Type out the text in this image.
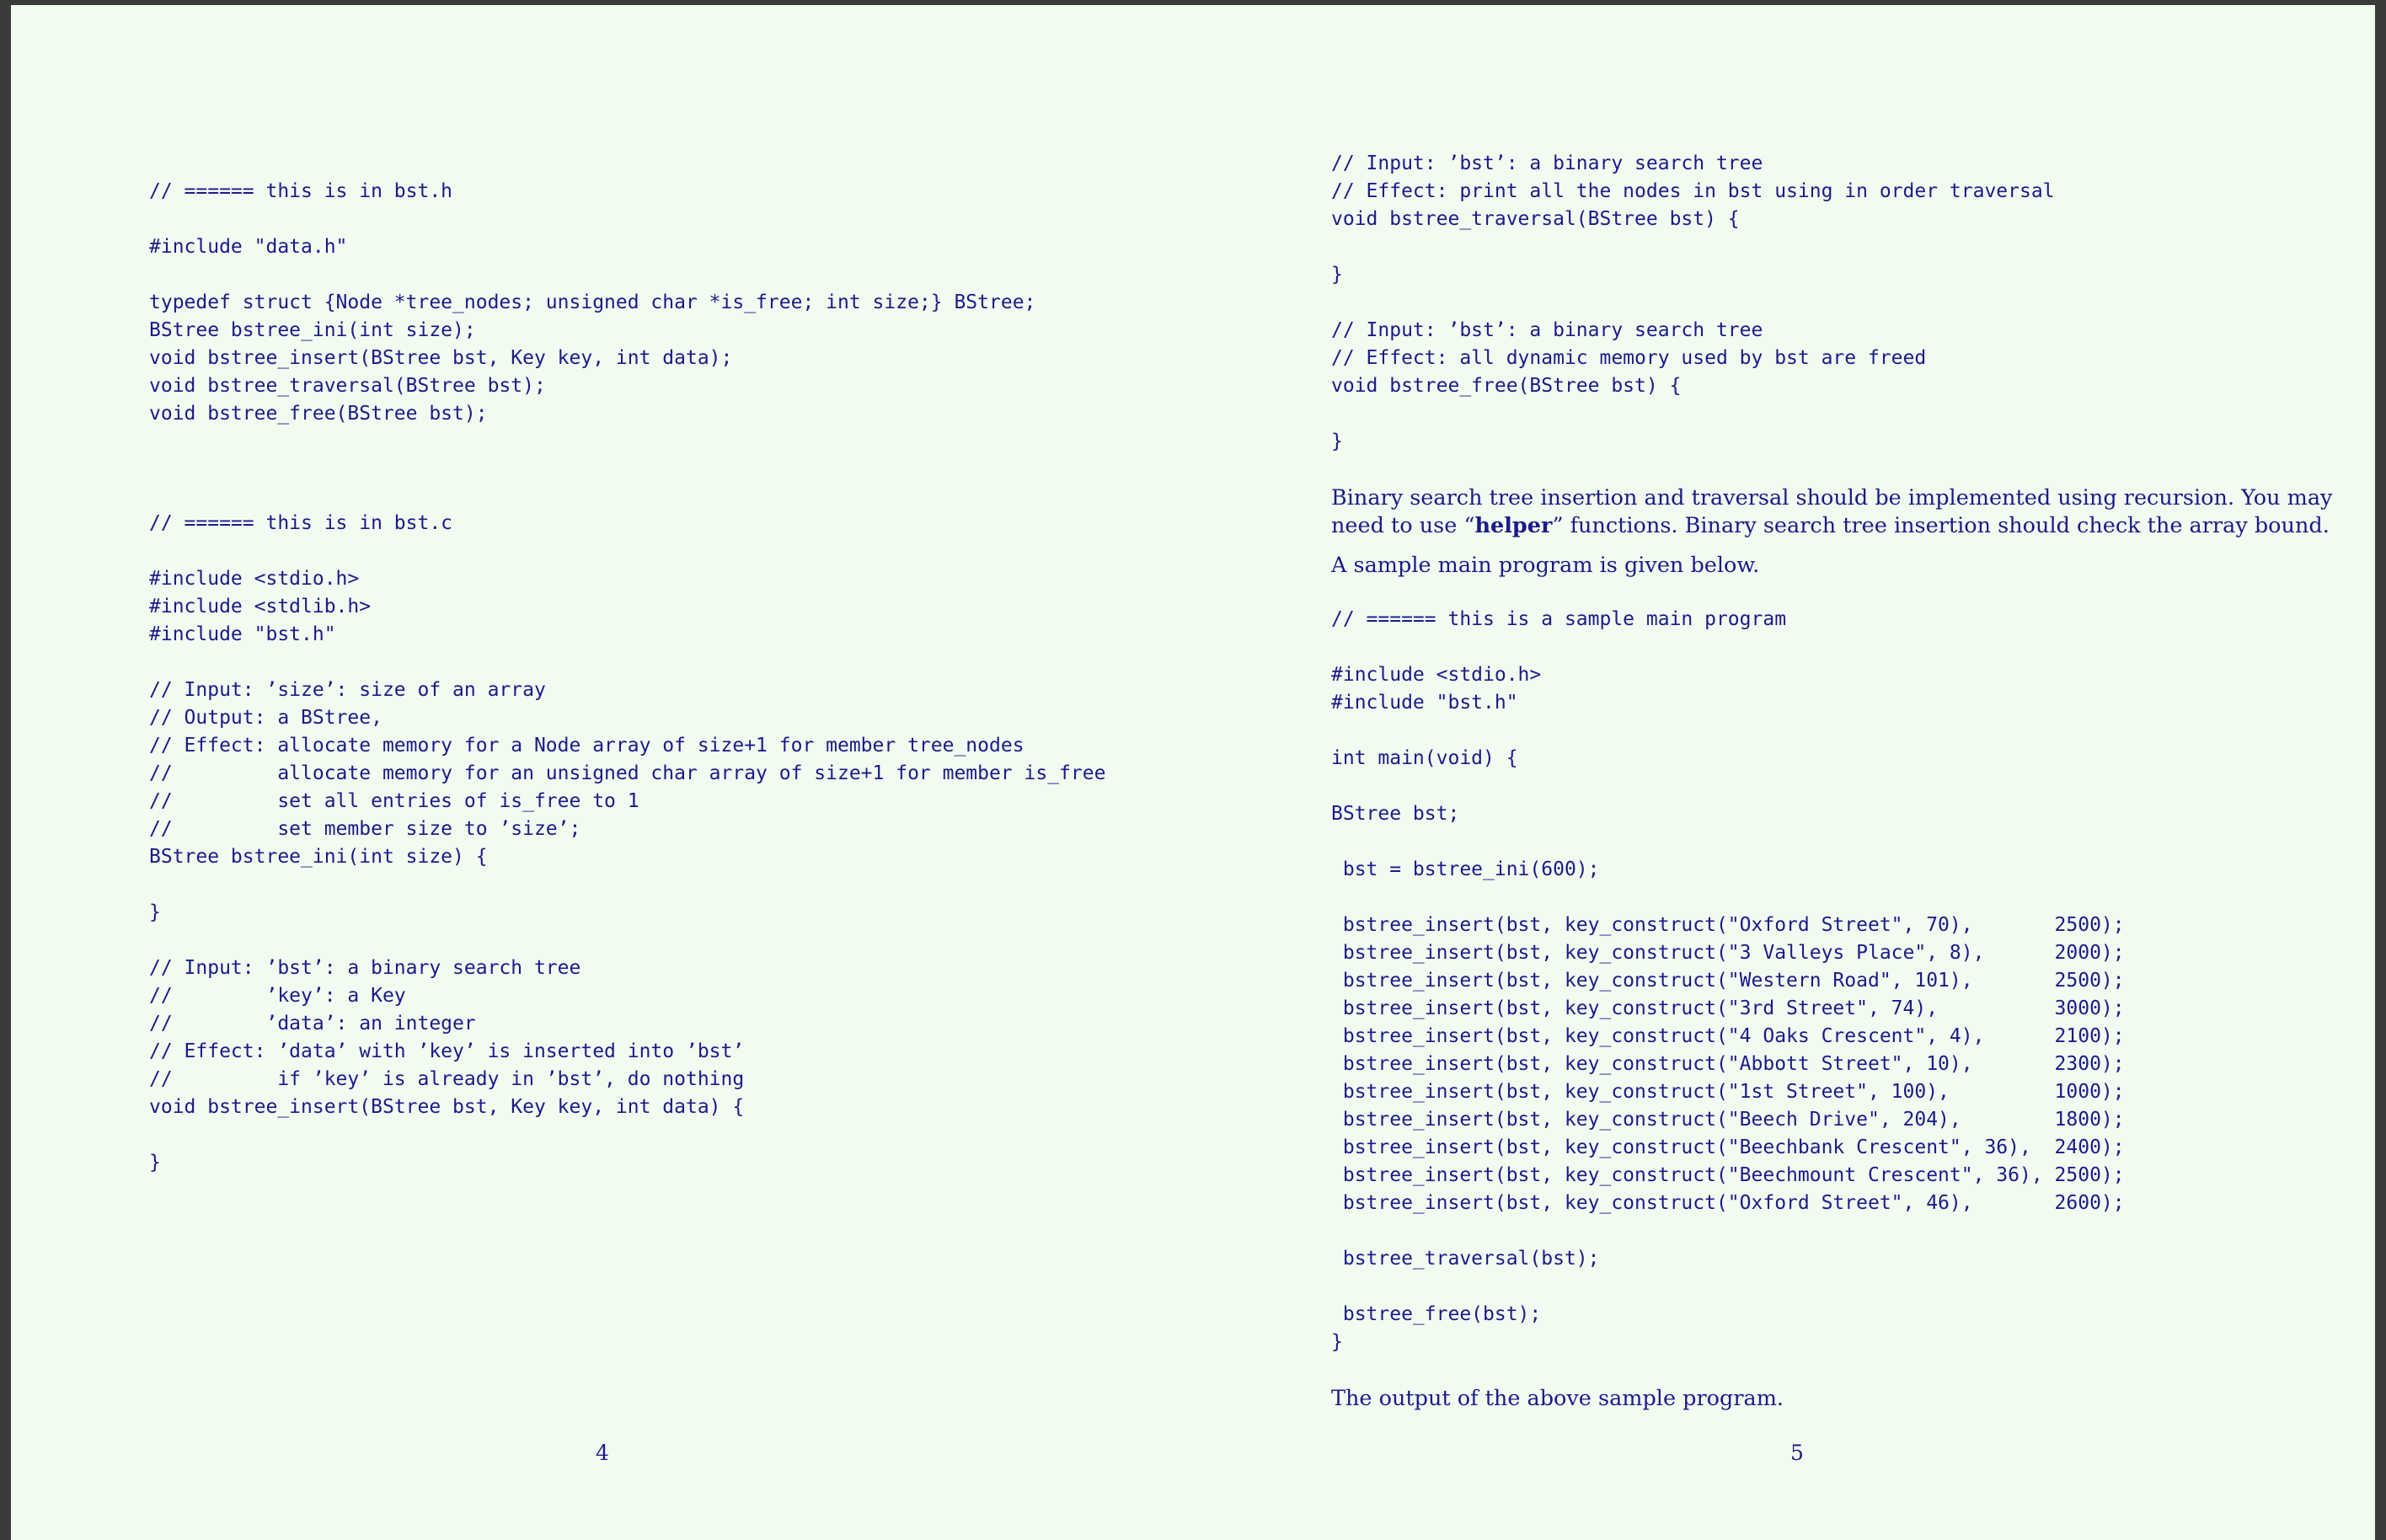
// ====== this is in bst.h

#include "data.h"

typedef struct {Node *tree_nodes; unsigned char *is_free; int size;} BStree;
BStree bstree_ini(int size);
void bstree_insert(BStree bst, Key key, int data);
void bstree_traversal(BStree bst);
void bstree_free(BStree bst);
// ====== this is in bst.c

#include <stdio.h>
#include <stdlib.h>
#include "bst.h"

// Input: ’size’: size of an array
// Output: a BStree,
// Effect: allocate memory for a Node array of size+1 for member tree_nodes
//         allocate memory for an unsigned char array of size+1 for member is_free
//         set all entries of is_free to 1
//         set member size to ’size’;
BStree bstree_ini(int size) {

}

// Input: ’bst’: a binary search tree
//        ’key’: a Key
//        ’data’: an integer
// Effect: ’data’ with ’key’ is inserted into ’bst’
//         if ’key’ is already in ’bst’, do nothing
void bstree_insert(BStree bst, Key key, int data) {

}
4
// Input: ’bst’: a binary search tree
// Effect: print all the nodes in bst using in order traversal
void bstree_traversal(BStree bst) {

}

// Input: ’bst’: a binary search tree
// Effect: all dynamic memory used by bst are freed
void bstree_free(BStree bst) {

}

Binary search tree insertion and traversal should be implemented using recursion. You may
need to use “helper” functions. Binary search tree insertion should check the array bound.

A sample main program is given below.

// ====== this is a sample main program

#include <stdio.h>
#include "bst.h"

int main(void) {

BStree bst;

bst = bstree_ini(600);

bstree_insert(bst, key_construct("Oxford Street", 70),       2500);
bstree_insert(bst, key_construct("3 Valleys Place", 8),      2000);
bstree_insert(bst, key_construct("Western Road", 101),       2500);
bstree_insert(bst, key_construct("3rd Street", 74),          3000);
bstree_insert(bst, key_construct("4 Oaks Crescent", 4),      2100);
bstree_insert(bst, key_construct("Abbott Street", 10),       2300);
bstree_insert(bst, key_construct("1st Street", 100),         1000);
bstree_insert(bst, key_construct("Beech Drive", 204),        1800);
bstree_insert(bst, key_construct("Beechbank Crescent", 36),  2400);
bstree_insert(bst, key_construct("Beechmount Crescent", 36), 2500);
bstree_insert(bst, key_construct("Oxford Street", 46),       2600);

bstree_traversal(bst);

bstree_free(bst);
}

The output of the above sample program.

5
